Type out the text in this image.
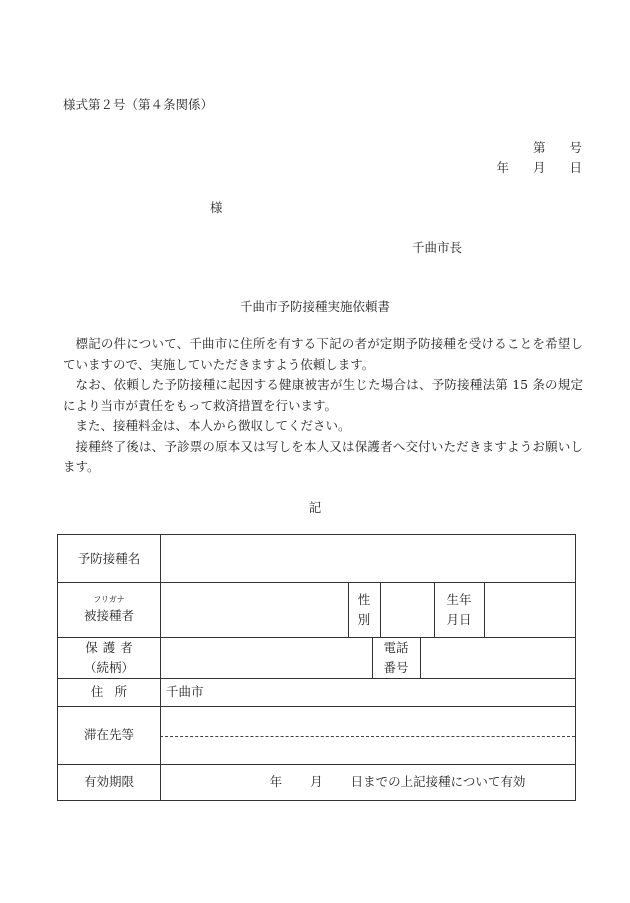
様式第２号（第４条関係）
第 号
年 月 日
様
千曲市長
千曲市予防接種実施依頼書

標記の件について、千曲市に住所を有する下記の者が定期予防接種を受けることを希望していますので、実施していただきますよう依頼します。

なお、依頼した予防接種に起因する健康被害が生じた場合は、予防接種法第 15 条の規定により当市が責任をもって救済措置を行います。

また、接種料金は、本人から徴収してください。

接種終了後は、予診票の原本又は写しを本人又は保護者へ交付いただきますようお願いします。

記
予防接種名
フリガナ
被接種者
性
別
生年
月日
保護者
（続柄）
電話
番号
住所 千曲市
滞在先等
有効期限	年 月 日までの上記接種について有効
